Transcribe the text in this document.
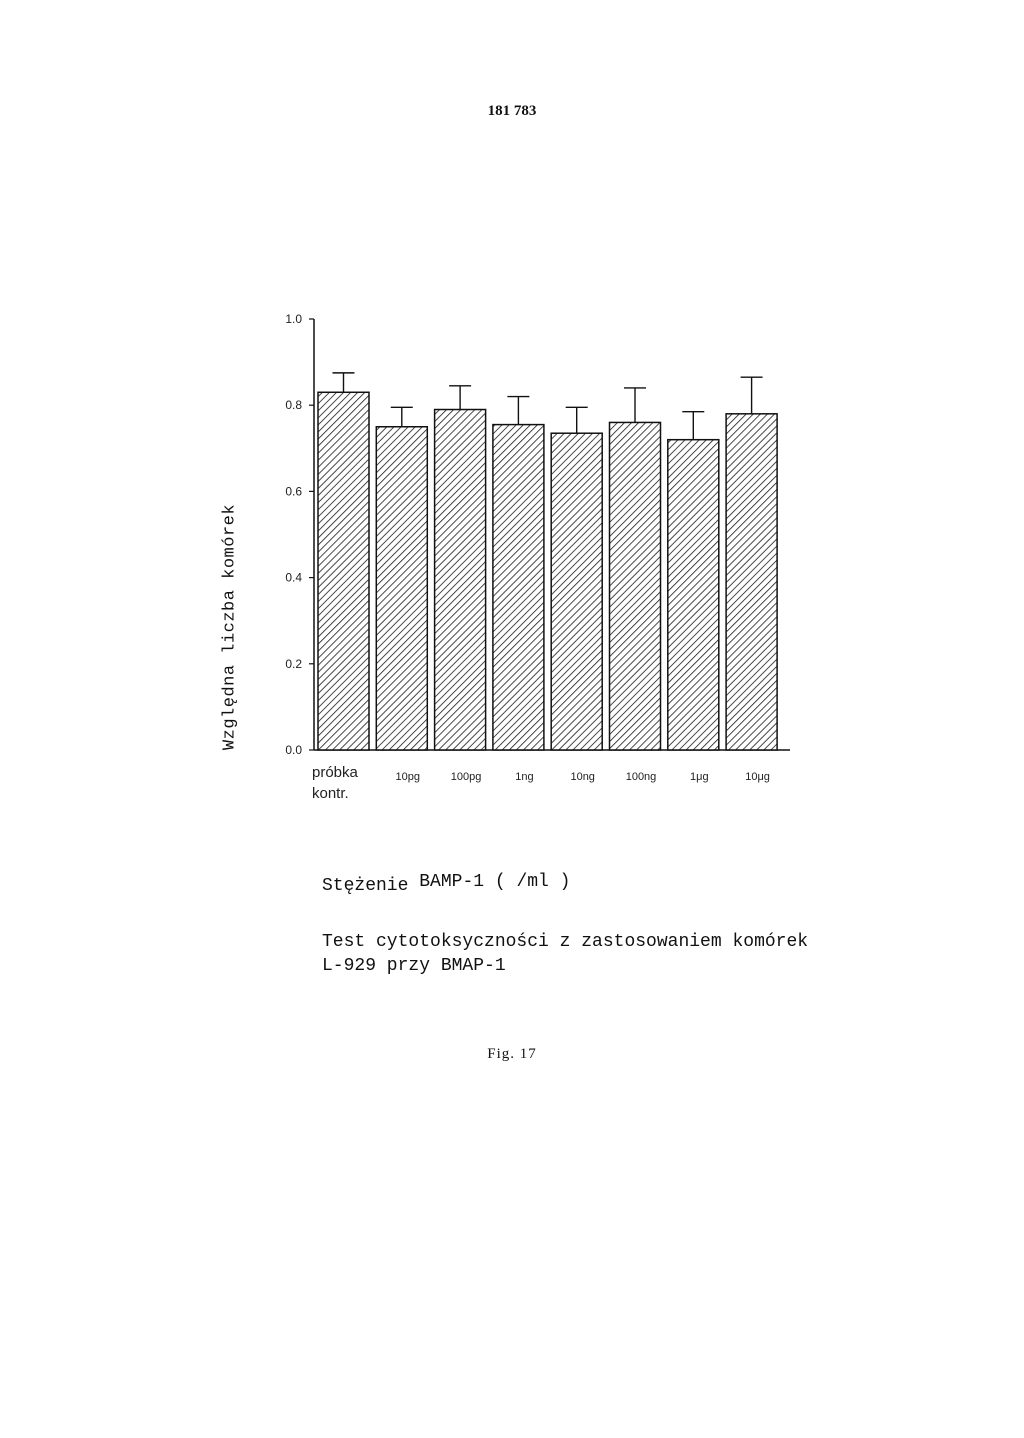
181 783
0.0
0.2
0.4
0.6
0.8
1.0
próbka
kontr.
10pg	100pg	1ng	10ng	100ng	1μg	10μg
Względna liczba komórek
Stężenie BAMP-1 ( /ml )
Test cytotoksyczności z zastosowaniem komórek
L-929 przy BMAP-1
Fig. 17
